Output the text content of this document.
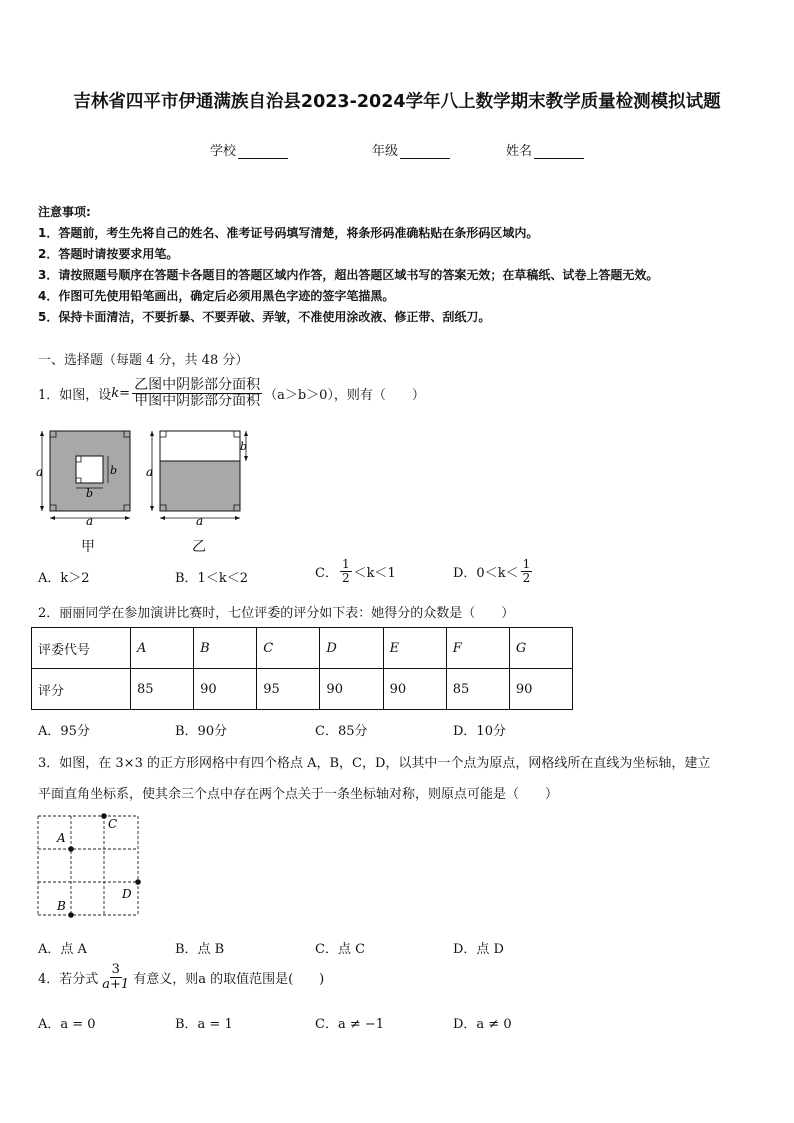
吉林省四平市伊通满族自治县2023-2024学年八上数学期末教学质量检测模拟试题
学校	年级	姓名
注意事项:
1．答题前，考生先将自己的姓名、准考证号码填写清楚，将条形码准确粘贴在条形码区域内。
2．答题时请按要求用笔。
3．请按照题号顺序在答题卡各题目的答题区域内作答，超出答题区域书写的答案无效；在草稿纸、试卷上答题无效。
4．作图可先使用铅笔画出，确定后必须用黑色字迹的签字笔描黑。
5．保持卡面清洁，不要折暴、不要弄破、弄皱，不准使用涂改液、修正带、刮纸刀。
一、选择题（每题 4 分，共 48 分）
1．如图，设 $k = \frac{\text{乙图中阴影部分面积}}{\text{甲图中阴影部分面积}} (a>b>0)$，则有（　　）
a
a
b
b
甲
a
a
b
乙
A．k＞2	B．1＜k＜2	C． $\frac{1}{2} <k<1$	D．$0<k< \frac{1}{2}$
2．丽丽同学在参加演讲比赛时，七位评委的评分如下表：她得分的众数是（　　）
评委代号	A	B	C	D	E	F	G
评分	85	90	95	90	90	85	90
A．95分	B．90分	C．85分	D．10分
3．如图，在 3×3 的正方形网格中有四个格点 A，B，C，D，以其中一个点为原点，网格线所在直线为坐标轴，建立
平面直角坐标系，使其余三个点中存在两个点关于一条坐标轴对称，则原点可能是（　　）
A
B
C
D
A．点 A	B．点 B	C．点 C	D．点 D
4．若分式 $\frac{3}{a+1}$ 有意义，则a 的取值范围是(　　)
A．a = 0	B．a = 1	C．a ≠ −1	D．a ≠ 0
